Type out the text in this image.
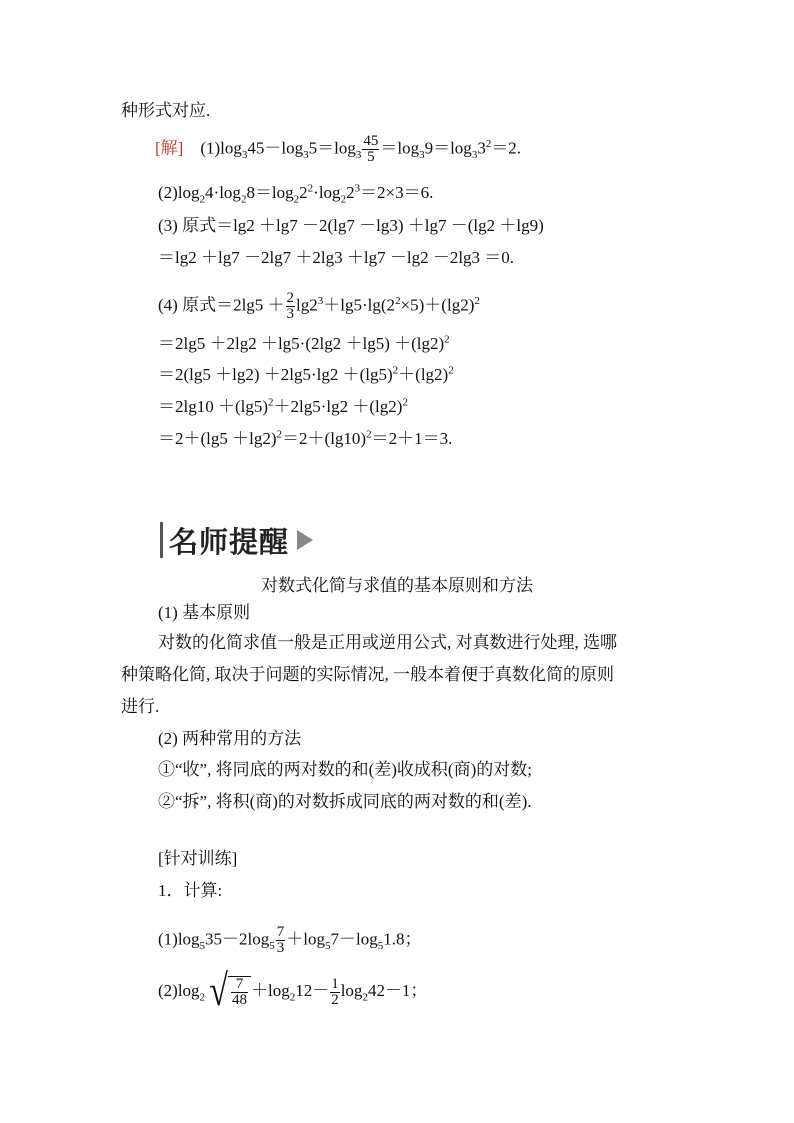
种形式对应.
[解] $(1)\log_345-\log_35=\log_3 \frac{45}{5} =\log_39=\log_33^2=2$.
$(2)\log_24\cdot\log_28=\log_22^2\cdot\log_22^3=2\times 3=6$.
(3) 原式＝lg2 ＋lg7 －2(lg7 －lg3) ＋lg7 －(lg2 ＋lg9)
＝lg2 ＋lg7 －2lg7 ＋2lg3 ＋lg7 －lg2 －2lg3 ＝0.
(4) 原式$=2\lg 5 + \frac{2}{3} \lg 2^3+\lg 5\cdot\lg(2^2\times 5)+(\lg 2)^2$
$=2\lg 5 +2\lg 2 +\lg 5\cdot(2\lg 2 +\lg 5) +(\lg 2)^2$
$=2(\lg 5 +\lg 2) +2\lg 5\cdot\lg 2 +(\lg 5)^2+(\lg 2)^2$
$=2\lg 10 +(\lg 5)^2+2\lg 5\cdot\lg 2 +(\lg 2)^2$
$=2+(\lg 5 +\lg 2)^2=2+(\lg 10)^2=2+1=3$.
名师提醒
对数式化简与求值的基本原则和方法
(1) 基本原则
对数的化简求值一般是正用或逆用公式, 对真数进行处理, 选哪
种策略化简, 取决于问题的实际情况, 一般本着便于真数化简的原则
进行.
(2) 两种常用的方法
①“收”, 将同底的两对数的和(差)收成积(商)的对数;
②“拆”, 将积(商)的对数拆成同底的两对数的和(差).
[针对训练]
1．计算:
$(1)\log_535-2\log_5 \frac{7}{3} +\log_57-\log_51.8$；
$(2)\log_2$ √ $\frac{7}{48} +\log_212- \frac{1}{2} \log_242-1$；
